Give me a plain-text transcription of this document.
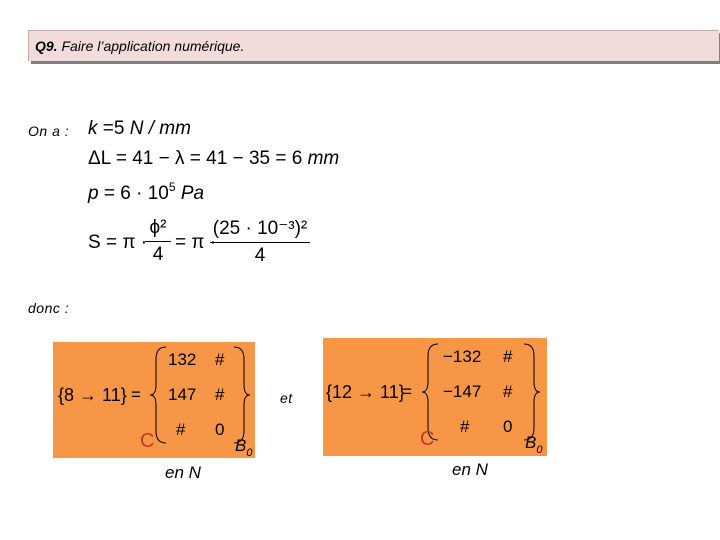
Q9. Faire l’application numérique.
On a :
donc :
et
k =5 N / mm
ΔL = 41 − λ = 41 − 35 = 6 mm
$p = 6 \cdot 10^5$ Pa
S = π ·
ϕ²
4
= π ·
(25 · 10⁻³)²
4
{8 → 11} =
132 #
147 #
# 0
C	$B_0$
en N
{12 → 11}
=
−132 #
−147 #
# 0
C	$B_0$
en N
